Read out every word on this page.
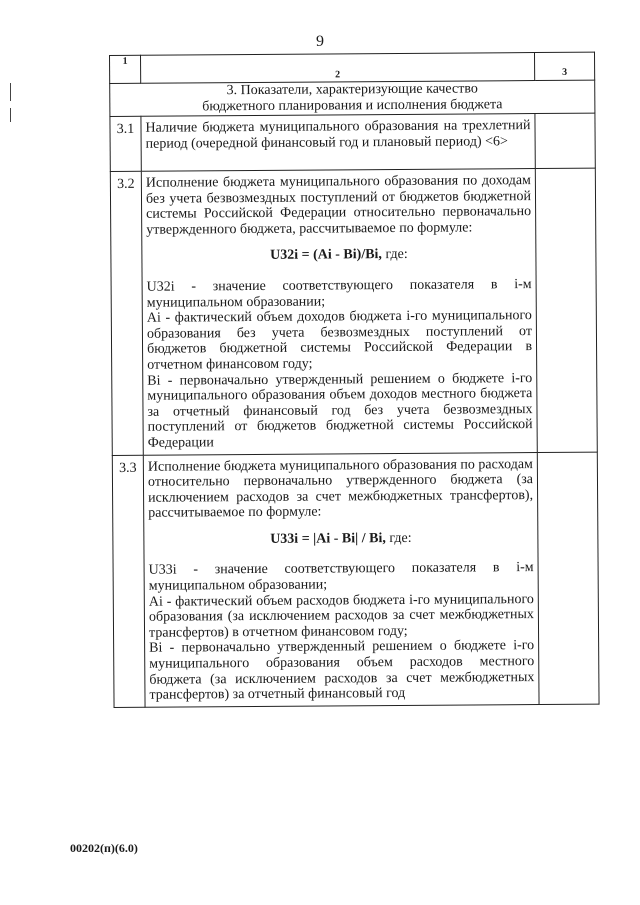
9
1	2	3

3. Показатели, характеризующие качество
бюджетного планирования и исполнения бюджета		

3.1	Наличие бюджета муниципального образования на трехлетний период (очередной финансовый год и плановый период) <6>	
3.2	Исполнение бюджета муниципального образования по доходам без учета безвозмездных поступлений от бюджетов бюджетной системы Российской Федерации относительно первоначально утвержденного бюджета, рассчитываемое по формуле:

U32i = (Ai - Bi)/Bi, где:

U32i - значение соответствующего показателя в i-м муниципальном образовании;

Ai - фактический объем доходов бюджета i-го муниципального образования без учета безвозмездных поступлений от бюджетов бюджетной системы Российской Федерации в отчетном финансовом году;

Bi - первоначально утвержденный решением о бюджете i-го муниципального образования объем доходов местного бюджета за отчетный финансовый год без учета безвозмездных поступлений от бюджетов бюджетной системы Российской Федерации	

3.3	Исполнение бюджета муниципального образования по расходам относительно первоначально утвержденного бюджета (за исключением расходов за счет межбюджетных трансфертов), рассчитываемое по формуле:

U33i = |Ai - Bi| / Bi, где:

U33i - значение соответствующего показателя в i-м муниципальном образовании;

Ai - фактический объем расходов бюджета i-го муниципального образования (за исключением расходов за счет межбюджетных трансфертов) в отчетном финансовом году;

Bi - первоначально утвержденный решением о бюджете i-го муниципального образования объем расходов местного бюджета (за исключением расходов за счет межбюджетных трансфертов) за отчетный финансовый год	

00202(п)(6.0)
